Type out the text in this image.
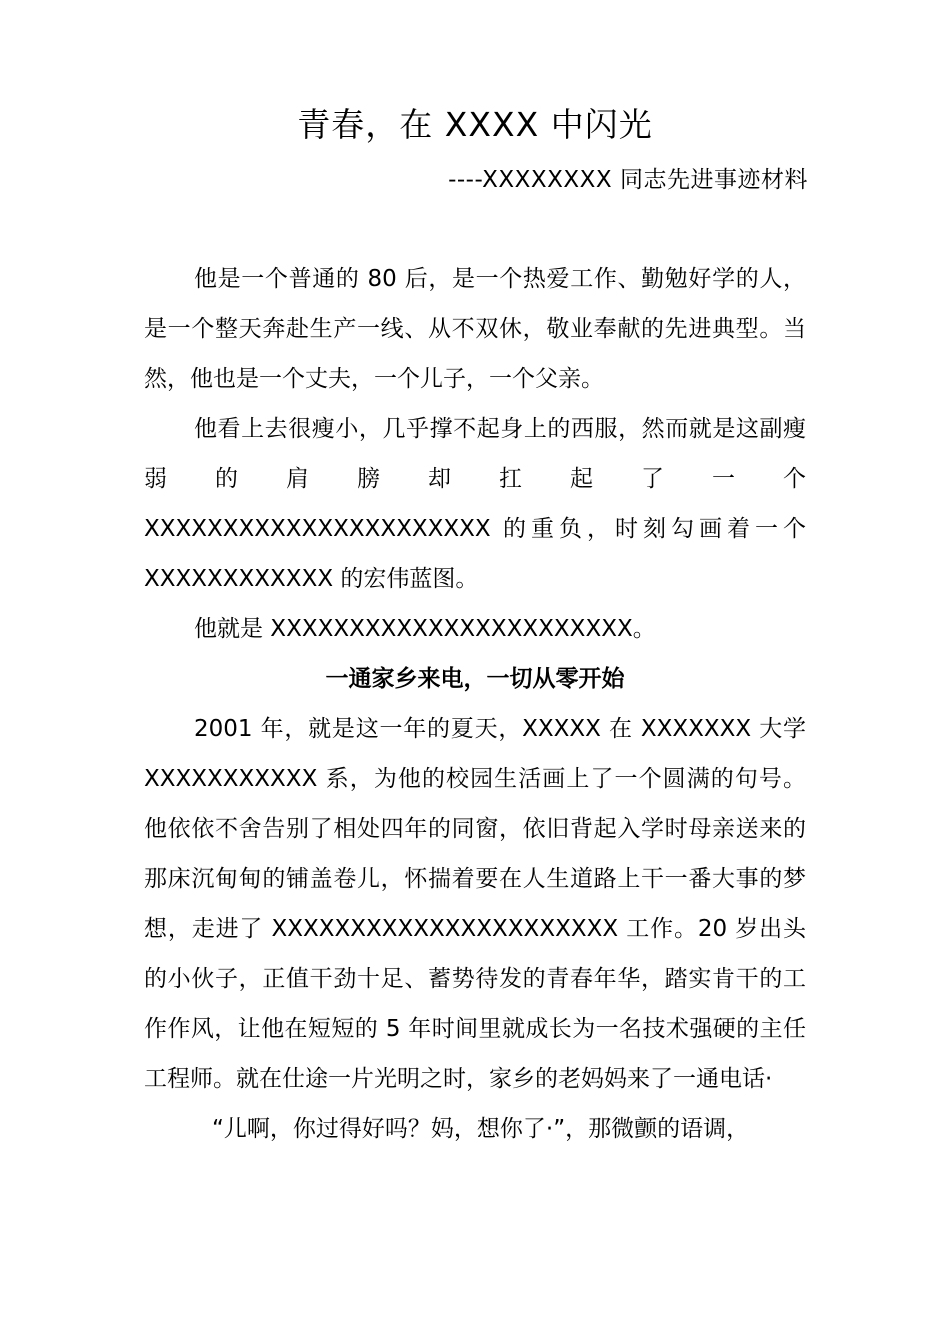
青春，在 XXXX 中闪光
----XXXXXXXX 同志先进事迹材料

他是一个普通的 80 后，是一个热爱工作、勤勉好学的人，是一个整天奔赴生产一线、从不双休，敬业奉献的先进典型。当然，他也是一个丈夫，一个儿子，一个父亲。

他看上去很瘦小，几乎撑不起身上的西服，然而就是这副瘦弱的肩膀却扛起了一个

XXXXXXXXXXXXXXXXXXXXXX 的重负，时刻勾画着一个 XXXXXXXXXXXX 的宏伟蓝图。

他就是 XXXXXXXXXXXXXXXXXXXXXXX。

一通家乡来电，一切从零开始

2001 年，就是这一年的夏天，XXXXX 在 XXXXXXX 大学 XXXXXXXXXXX 系，为他的校园生活画上了一个圆满的句号。他依依不舍告别了相处四年的同窗，依旧背起入学时母亲送来的那床沉甸甸的铺盖卷儿，怀揣着要在人生道路上干一番大事的梦想，走进了 XXXXXXXXXXXXXXXXXXXXXX 工作。20 岁出头的小伙子，正值干劲十足、蓄势待发的青春年华，踏实肯干的工作作风，让他在短短的 5 年时间里就成长为一名技术强硬的主任工程师。就在仕途一片光明之时，家乡的老妈妈来了一通电话·

“儿啊，你过得好吗？妈，想你了·”，那微颤的语调，
